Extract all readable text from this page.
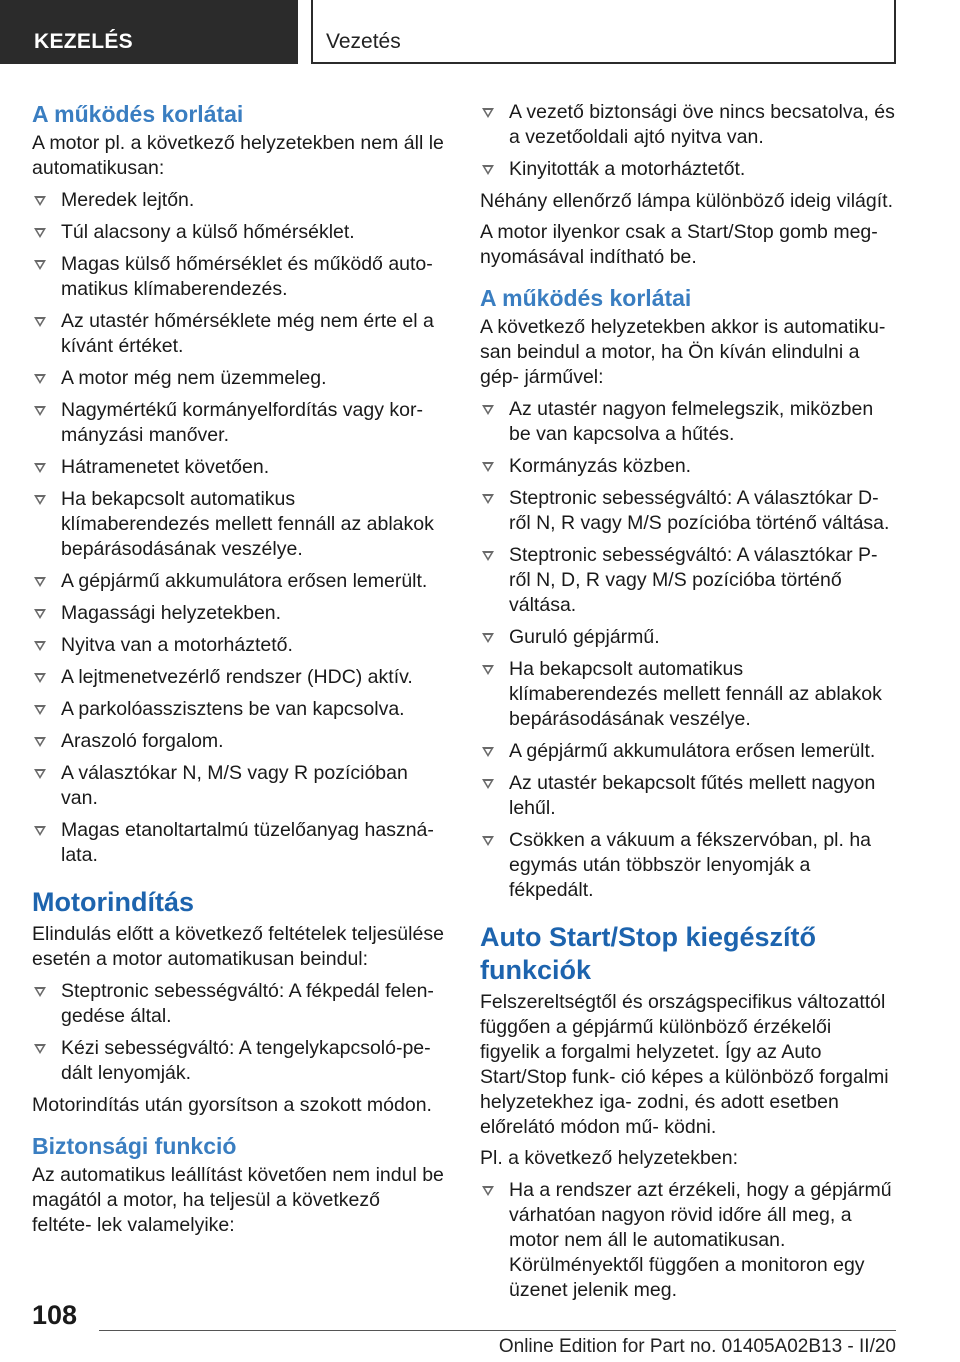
KEZELÉS	Vezetés
A működés korlátai
A motor pl. a következő helyzetekben nem áll le automatikusan:
Meredek lejtőn.
Túl alacsony a külső hőmérséklet.
Magas külső hőmérséklet és működő auto- matikus klímaberendezés.
Az utastér hőmérséklete még nem érte el a kívánt értéket.
A motor még nem üzemmeleg.
Nagymértékű kormányelfordítás vagy kor- mányzási manőver.
Hátramenetet követően.
Ha bekapcsolt automatikus klímaberendezés mellett fennáll az ablakok bepárásodásának veszélye.
A gépjármű akkumulátora erősen lemerült.
Magassági helyzetekben.
Nyitva van a motorháztető.
A lejtmenetvezérlő rendszer (HDC) aktív.
A parkolóasszisztens be van kapcsolva.
Araszoló forgalom.
A választókar N, M/S vagy R pozícióban van.
Magas etanoltartalmú tüzelőanyag haszná- lata.
Motorindítás
Elindulás előtt a következő feltételek teljesülése esetén a motor automatikusan beindul:
Steptronic sebességváltó: A fékpedál felen- gedése által.
Kézi sebességváltó: A tengelykapcsoló-pe- dált lenyomják.
Motorindítás után gyorsítson a szokott módon.
Biztonsági funkció
Az automatikus leállítást követően nem indul be magától a motor, ha teljesül a következő feltéte- lek valamelyike:
A vezető biztonsági öve nincs becsatolva, és a vezetőoldali ajtó nyitva van.
Kinyitották a motorháztetőt.
Néhány ellenőrző lámpa különböző ideig világít.
A motor ilyenkor csak a Start/Stop gomb meg- nyomásával indítható be.
A működés korlátai
A következő helyzetekben akkor is automatiku- san beindul a motor, ha Ön kíván elindulni a gép- járművel:
Az utastér nagyon felmelegszik, miközben be van kapcsolva a hűtés.
Kormányzás közben.
Steptronic sebességváltó: A választókar D-ről N, R vagy M/S pozícióba történő váltása.
Steptronic sebességváltó: A választókar P-ről N, D, R vagy M/S pozícióba történő váltása.
Guruló gépjármű.
Ha bekapcsolt automatikus klímaberendezés mellett fennáll az ablakok bepárásodásának veszélye.
A gépjármű akkumulátora erősen lemerült.
Az utastér bekapcsolt fűtés mellett nagyon lehűl.
Csökken a vákuum a fékszervóban, pl. ha egymás után többször lenyomják a fékpedált.
Auto Start/Stop kiegészítő funkciók
Felszereltségtől és országspecifikus változattól függően a gépjármű különböző érzékelői figyelik a forgalmi helyzetet. Így az Auto Start/Stop funk- ció képes a különböző forgalmi helyzetekhez iga- zodni, és adott esetben előrelátó módon mű- ködni.
Pl. a következő helyzetekben:
Ha a rendszer azt érzékeli, hogy a gépjármű várhatóan nagyon rövid időre áll meg, a motor nem áll le automatikusan. Körülményektől függően a monitoron egy üzenet jelenik meg.
108
Online Edition for Part no. 01405A02B13 - II/20
